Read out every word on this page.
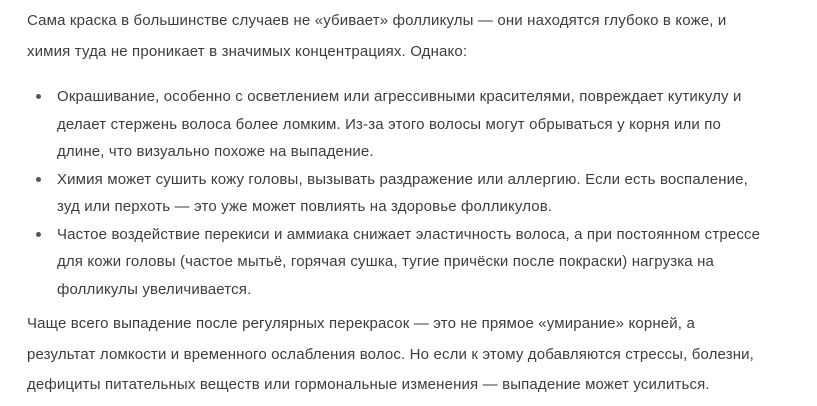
Сама краска в большинстве случаев не «убивает» фолликулы — они находятся глубоко в коже, и
химия туда не проникает в значимых концентрациях. Однако:
Окрашивание, особенно с осветлением или агрессивными красителями, повреждает кутикулу и
делает стержень волоса более ломким. Из-за этого волосы могут обрываться у корня или по
длине, что визуально похоже на выпадение.
Химия может сушить кожу головы, вызывать раздражение или аллергию. Если есть воспаление,
зуд или перхоть — это уже может повлиять на здоровье фолликулов.
Частое воздействие перекиси и аммиака снижает эластичность волоса, а при постоянном стрессе
для кожи головы (частое мытьё, горячая сушка, тугие причёски после покраски) нагрузка на
фолликулы увеличивается.
Чаще всего выпадение после регулярных перекрасок — это не прямое «умирание» корней, а
результат ломкости и временного ослабления волос. Но если к этому добавляются стрессы, болезни,
дефициты питательных веществ или гормональные изменения — выпадение может усилиться.
